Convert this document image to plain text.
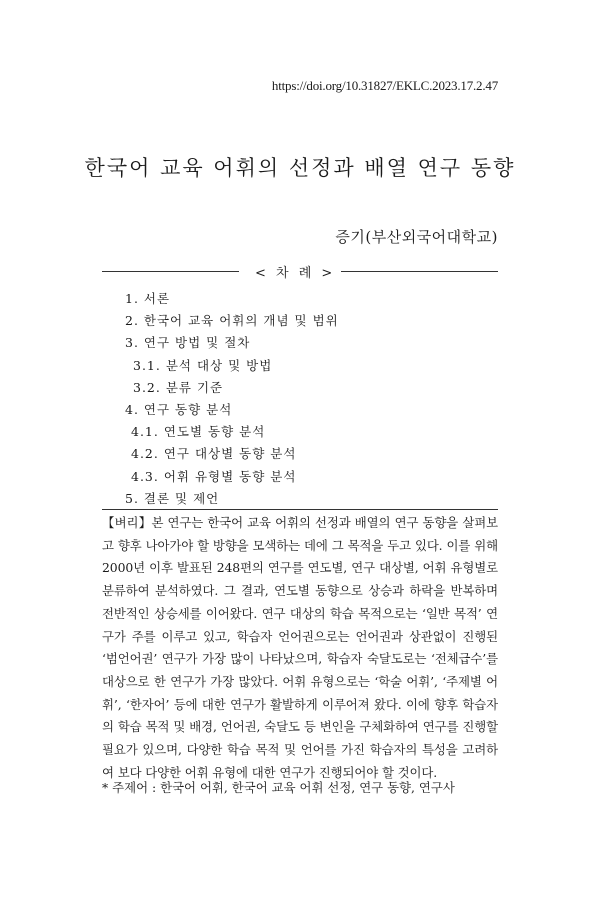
https://doi.org/10.31827/EKLC.2023.17.2.47
한국어 교육 어휘의 선정과 배열 연구 동향
증기(부산외국어대학교)
< 차 례 >
1. 서론
2. 한국어 교육 어휘의 개념 및 범위
3. 연구 방법 및 절차
3.1. 분석 대상 및 방법
3.2. 분류 기준
4. 연구 동향 분석
4.1. 연도별 동향 분석
4.2. 연구 대상별 동향 분석
4.3. 어휘 유형별 동향 분석
5. 결론 및 제언
【벼리】본 연구는 한국어 교육 어휘의 선정과 배열의 연구 동향을 살펴보고 향후 나아가야 할 방향을 모색하는 데에 그 목적을 두고 있다. 이를 위해 2000년 이후 발표된 248편의 연구를 연도별, 연구 대상별, 어휘 유형별로 분류하여 분석하였다. 그 결과, 연도별 동향으로 상승과 하락을 반복하며 전반적인 상승세를 이어왔다. 연구 대상의 학습 목적으로는 ‘일반 목적’ 연구가 주를 이루고 있고, 학습자 언어권으로는 언어권과 상관없이 진행된 ‘범언어권’ 연구가 가장 많이 나타났으며, 학습자 숙달도로는 ‘전체급수’를 대상으로 한 연구가 가장 많았다. 어휘 유형으로는 ‘학술 어휘’, ‘주제별 어휘’, ‘한자어’ 등에 대한 연구가 활발하게 이루어져 왔다. 이에 향후 학습자의 학습 목적 및 배경, 언어권, 숙달도 등 변인을 구체화하여 연구를 진행할 필요가 있으며, 다양한 학습 목적 및 언어를 가진 학습자의 특성을 고려하여 보다 다양한 어휘 유형에 대한 연구가 진행되어야 할 것이다.
* 주제어 : 한국어 어휘, 한국어 교육 어휘 선정, 연구 동향, 연구사
